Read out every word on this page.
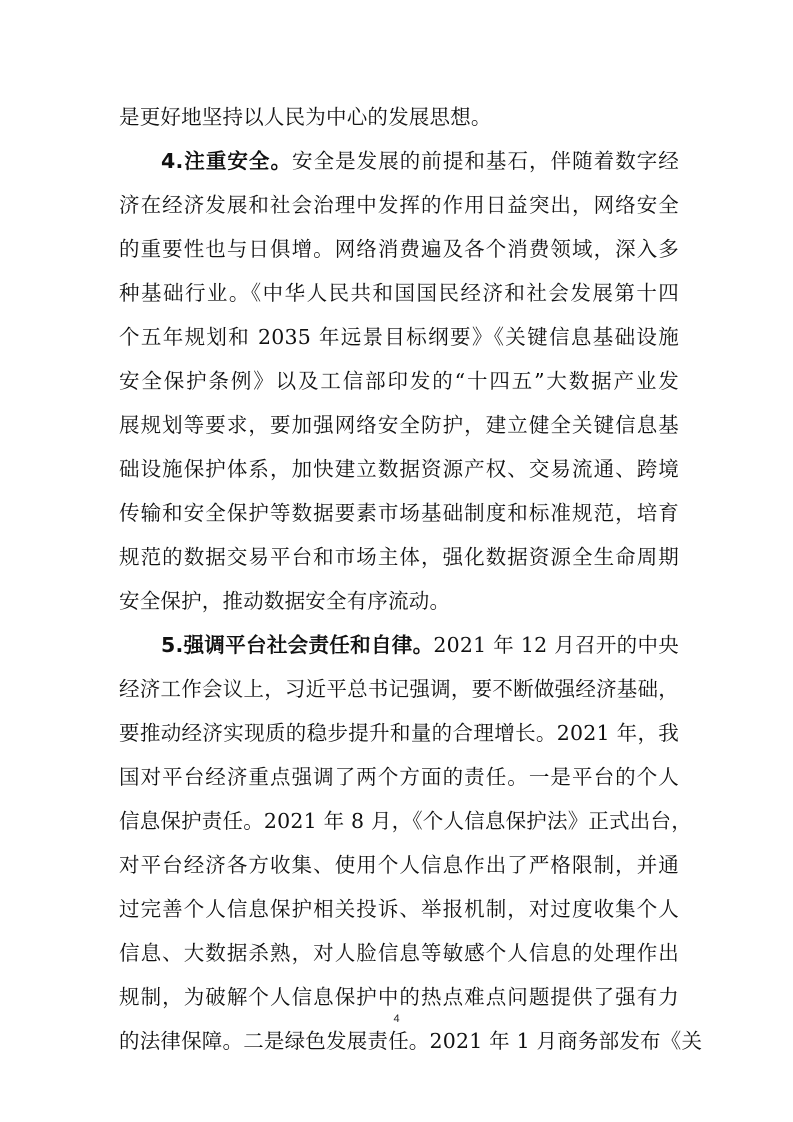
是更好地坚持以人民为中心的发展思想。
4.注重安全。安全是发展的前提和基石，伴随着数字经
济在经济发展和社会治理中发挥的作用日益突出，网络安全
的重要性也与日俱增。网络消费遍及各个消费领域，深入多
种基础行业。《中华人民共和国国民经济和社会发展第十四
个五年规划和 2035 年远景目标纲要》《关键信息基础设施
安全保护条例》以及工信部印发的“十四五”大数据产业发
展规划等要求，要加强网络安全防护，建立健全关键信息基
础设施保护体系，加快建立数据资源产权、交易流通、跨境
传输和安全保护等数据要素市场基础制度和标准规范，培育
规范的数据交易平台和市场主体，强化数据资源全生命周期
安全保护，推动数据安全有序流动。
5.强调平台社会责任和自律。2021 年 12 月召开的中央
经济工作会议上，习近平总书记强调，要不断做强经济基础，
要推动经济实现质的稳步提升和量的合理增长。2021 年，我
国对平台经济重点强调了两个方面的责任。一是平台的个人
信息保护责任。2021 年 8 月，《个人信息保护法》正式出台，
对平台经济各方收集、使用个人信息作出了严格限制，并通
过完善个人信息保护相关投诉、举报机制，对过度收集个人
信息、大数据杀熟，对人脸信息等敏感个人信息的处理作出
规制，为破解个人信息保护中的热点难点问题提供了强有力
的法律保障。二是绿色发展责任。2021 年 1 月商务部发布《关
4
